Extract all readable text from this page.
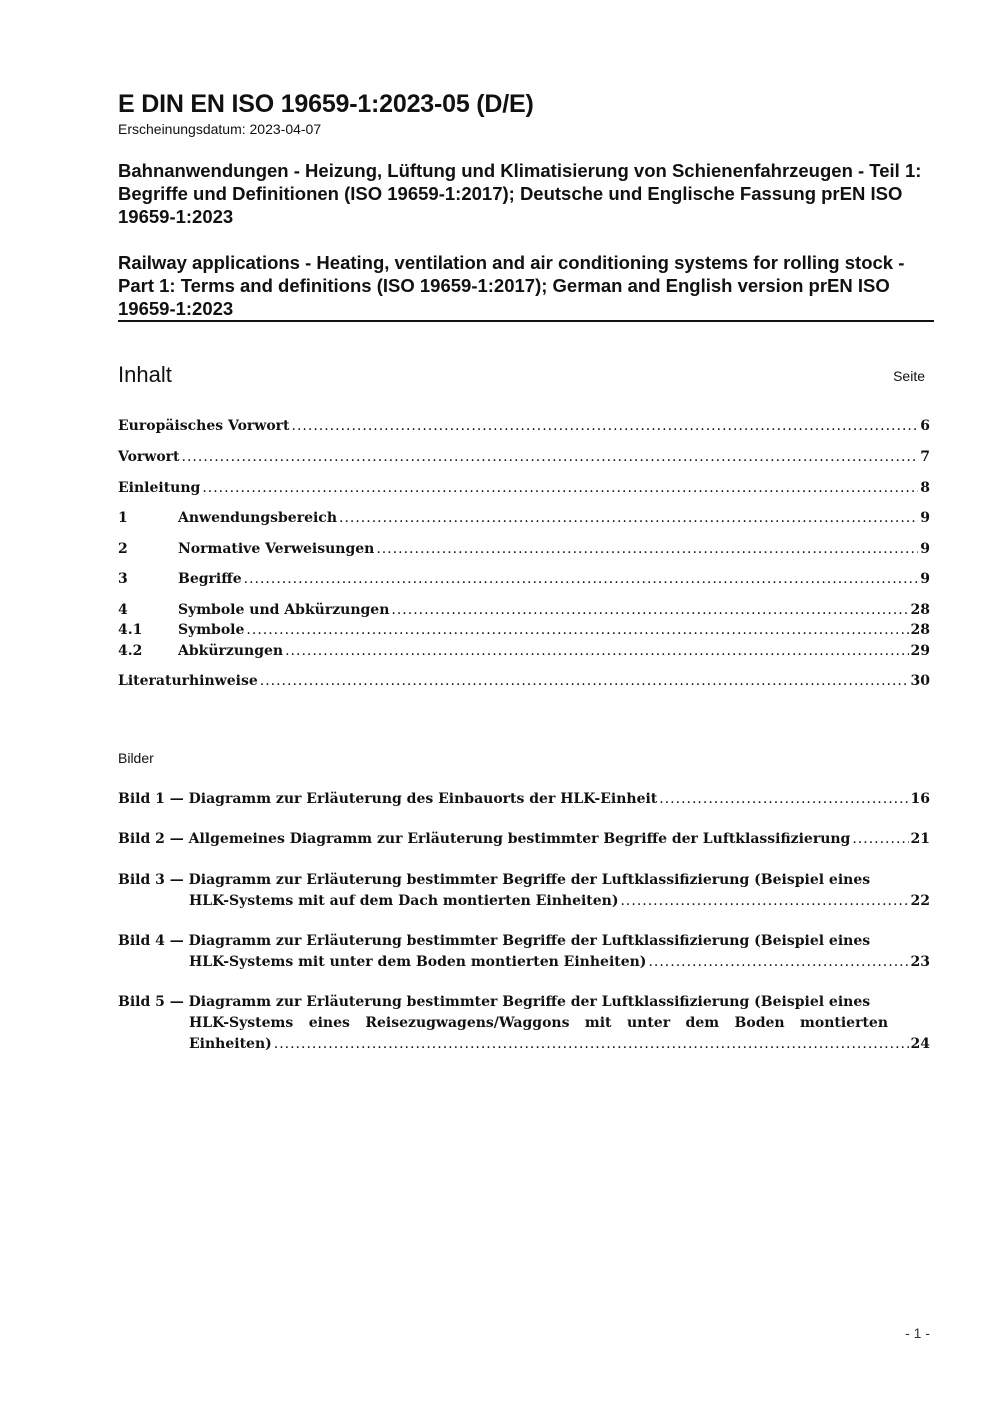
E DIN EN ISO 19659-1:2023-05 (D/E)
Erscheinungsdatum: 2023-04-07
Bahnanwendungen - Heizung, Lüftung und Klimatisierung von Schienenfahrzeugen - Teil 1: Begriffe und Definitionen (ISO 19659-1:2017); Deutsche und Englische Fassung prEN ISO 19659-1:2023
Railway applications - Heating, ventilation and air conditioning systems for rolling stock - Part 1: Terms and definitions (ISO 19659-1:2017); German and English version prEN ISO 19659-1:2023
Inhalt	Seite
Europäisches Vorwort .....	6
Vorwort .....	7
Einleitung .....	8
1	Anwendungsbereich .....	9
2	Normative Verweisungen .....	9
3	Begriffe .....	9
4	Symbole und Abkürzungen .....	28
4.1	Symbole .....	28
4.2	Abkürzungen .....	29
Literaturhinweise .....	30
Bilder
Bild 1 —
Diagramm zur Erläuterung des Einbauorts der HLK-Einheit .....	16
Bild 2 —
Allgemeines Diagramm zur Erläuterung bestimmter Begriffe der Luftklassifizierung .....	21
Bild 3 —
Diagramm zur Erläuterung bestimmter Begriffe der Luftklassifizierung (Beispiel eines
HLK-Systems mit auf dem Dach montierten Einheiten) .....	22
Bild 4 —
Diagramm zur Erläuterung bestimmter Begriffe der Luftklassifizierung (Beispiel eines
HLK-Systems mit unter dem Boden montierten Einheiten) .....	23
Bild 5 —
Diagramm zur Erläuterung bestimmter Begriffe der Luftklassifizierung (Beispiel eines
HLK-Systems eines Reisezugwagens/Waggons mit unter dem Boden montierten
Einheiten) .....	24
- 1 -
